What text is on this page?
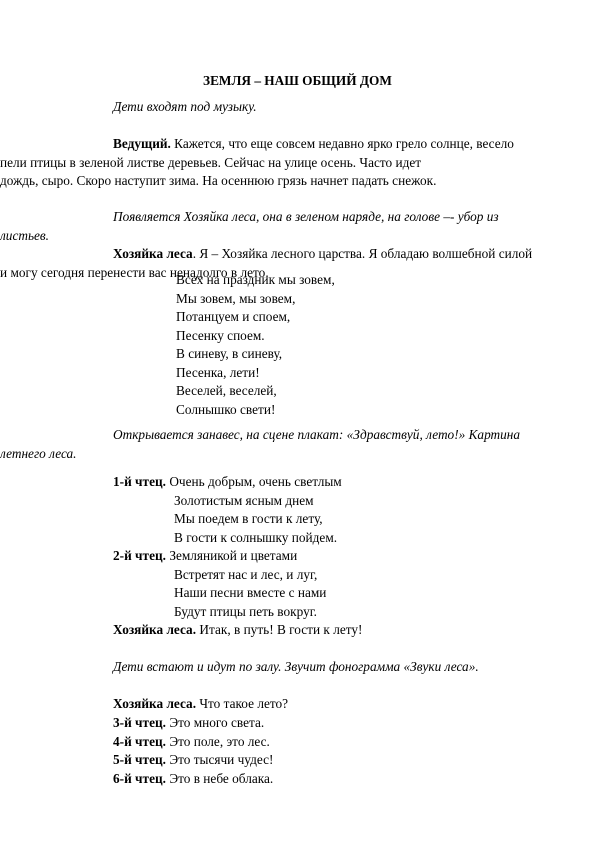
ЗЕМЛЯ – НАШ ОБЩИЙ ДОМ
Дети входят под музыку.
Ведущий. Кажется, что еще совсем недавно ярко грело солнце, весело
пели птицы в зеленой листве деревьев. Сейчас на улице осень. Часто идет
дождь, сыро. Скоро наступит зима. На осеннюю грязь начнет падать снежок.
Появляется Хозяйка леса, она в зеленом наряде, на голове –- убор из
листьев.
Хозяйка леса. Я – Хозяйка лесного царства. Я обладаю волшебной силой
и могу сегодня перенести вас ненадолго в лето.
Всех на праздник мы зовем,
Мы зовем, мы зовем,
Потанцуем и споем,
Песенку споем.
В синеву, в синеву,
Песенка, лети!
Веселей, веселей,
Солнышко свети!
Открывается занавес, на сцене плакат: «Здравствуй, лето!» Картина
летнего леса.
1-й чтец. Очень добрым, очень светлым
Золотистым ясным днем
Мы поедем в гости к лету,
В гости к солнышку пойдем.
2-й чтец. Земляникой и цветами
Встретят нас и лес, и луг,
Наши песни вместе с нами
Будут птицы петь вокруг.
Хозяйка леса. Итак, в путь! В гости к лету!
Дети встают и идут по залу. Звучит фонограмма «Звуки леса».
Хозяйка леса. Что такое лето?
3-й чтец. Это много света.
4-й чтец. Это поле, это лес.
5-й чтец. Это тысячи чудес!
6-й чтец. Это в небе облака.
